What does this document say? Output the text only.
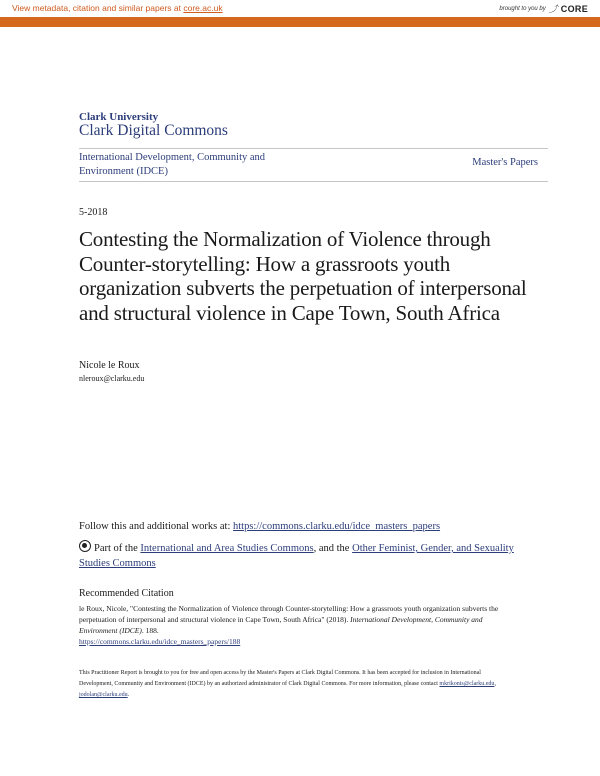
View metadata, citation and similar papers at core.ac.uk	brought to you by ⤴ CORE
provided by Clark University
Clark University
Clark Digital Commons
International Development, Community and Environment (IDCE)
Master's Papers
5-2018
Contesting the Normalization of Violence through Counter-storytelling: How a grassroots youth organization subverts the perpetuation of interpersonal and structural violence in Cape Town, South Africa
Nicole le Roux
nleroux@clarku.edu
Follow this and additional works at: https://commons.clarku.edu/idce_masters_papers
Part of the International and Area Studies Commons, and the Other Feminist, Gender, and Sexuality Studies Commons
Recommended Citation
le Roux, Nicole, "Contesting the Normalization of Violence through Counter-storytelling: How a grassroots youth organization subverts the perpetuation of interpersonal and structural violence in Cape Town, South Africa" (2018). International Development, Community and Environment (IDCE). 188.
https://commons.clarku.edu/idce_masters_papers/188
This Practitioner Report is brought to you for free and open access by the Master's Papers at Clark Digital Commons. It has been accepted for inclusion in International Development, Community and Environment (IDCE) by an authorized administrator of Clark Digital Commons. For more information, please contact mkrikonis@clarku.edu, jodolan@clarku.edu.
